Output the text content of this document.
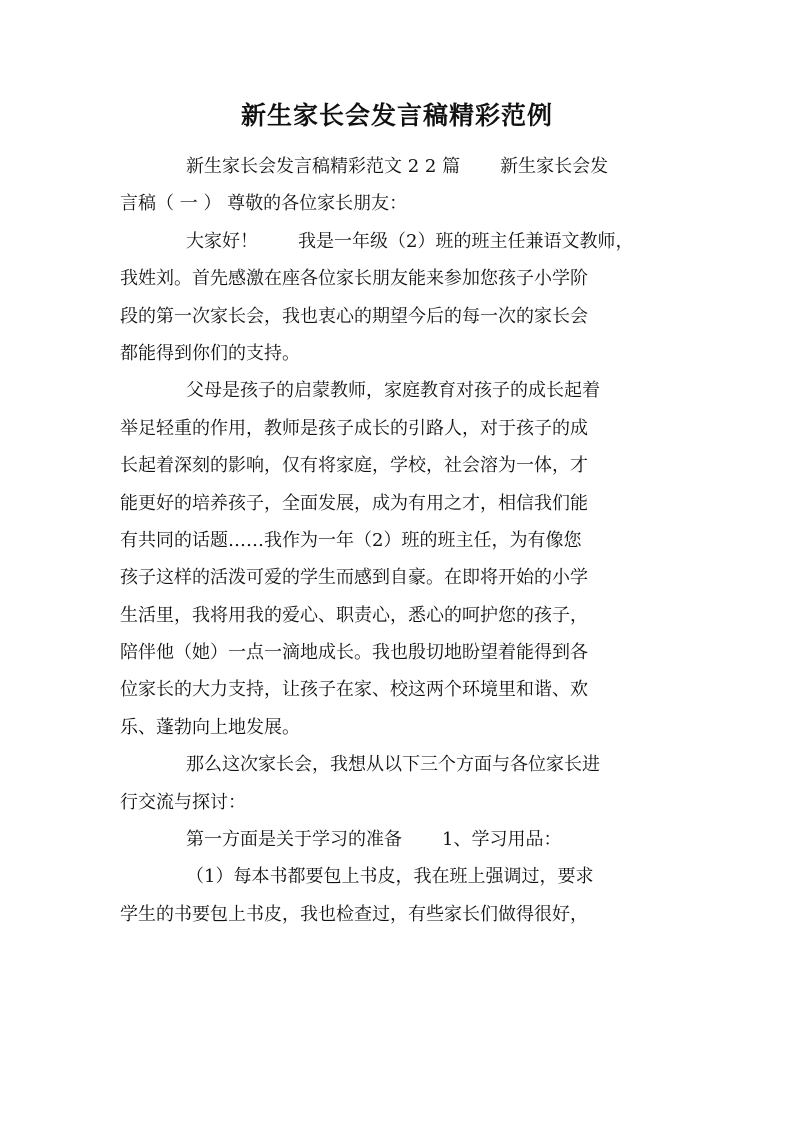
新生家长会发言稿精彩范例
新生家长会发言稿精彩范文 2 2 篇 新生家长会发
言稿（ 一 ） 尊敬的各位家长朋友：
大家好！ 我是一年级（2）班的班主任兼语文教师，
我姓刘。首先感激在座各位家长朋友能来参加您孩子小学阶
段的第一次家长会，我也衷心的期望今后的每一次的家长会
都能得到你们的支持。
父母是孩子的启蒙教师，家庭教育对孩子的成长起着
举足轻重的作用，教师是孩子成长的引路人，对于孩子的成
长起着深刻的影响，仅有将家庭，学校，社会溶为一体，才
能更好的培养孩子，全面发展，成为有用之才，相信我们能
有共同的话题……我作为一年（2）班的班主任，为有像您
孩子这样的活泼可爱的学生而感到自豪。在即将开始的小学
生活里，我将用我的爱心、职责心，悉心的呵护您的孩子，
陪伴他（她）一点一滴地成长。我也殷切地盼望着能得到各
位家长的大力支持，让孩子在家、校这两个环境里和谐、欢
乐、蓬勃向上地发展。
那么这次家长会，我想从以下三个方面与各位家长进
行交流与探讨：
第一方面是关于学习的准备 1、学习用品：
（1）每本书都要包上书皮，我在班上强调过，要求
学生的书要包上书皮，我也检查过，有些家长们做得很好，
